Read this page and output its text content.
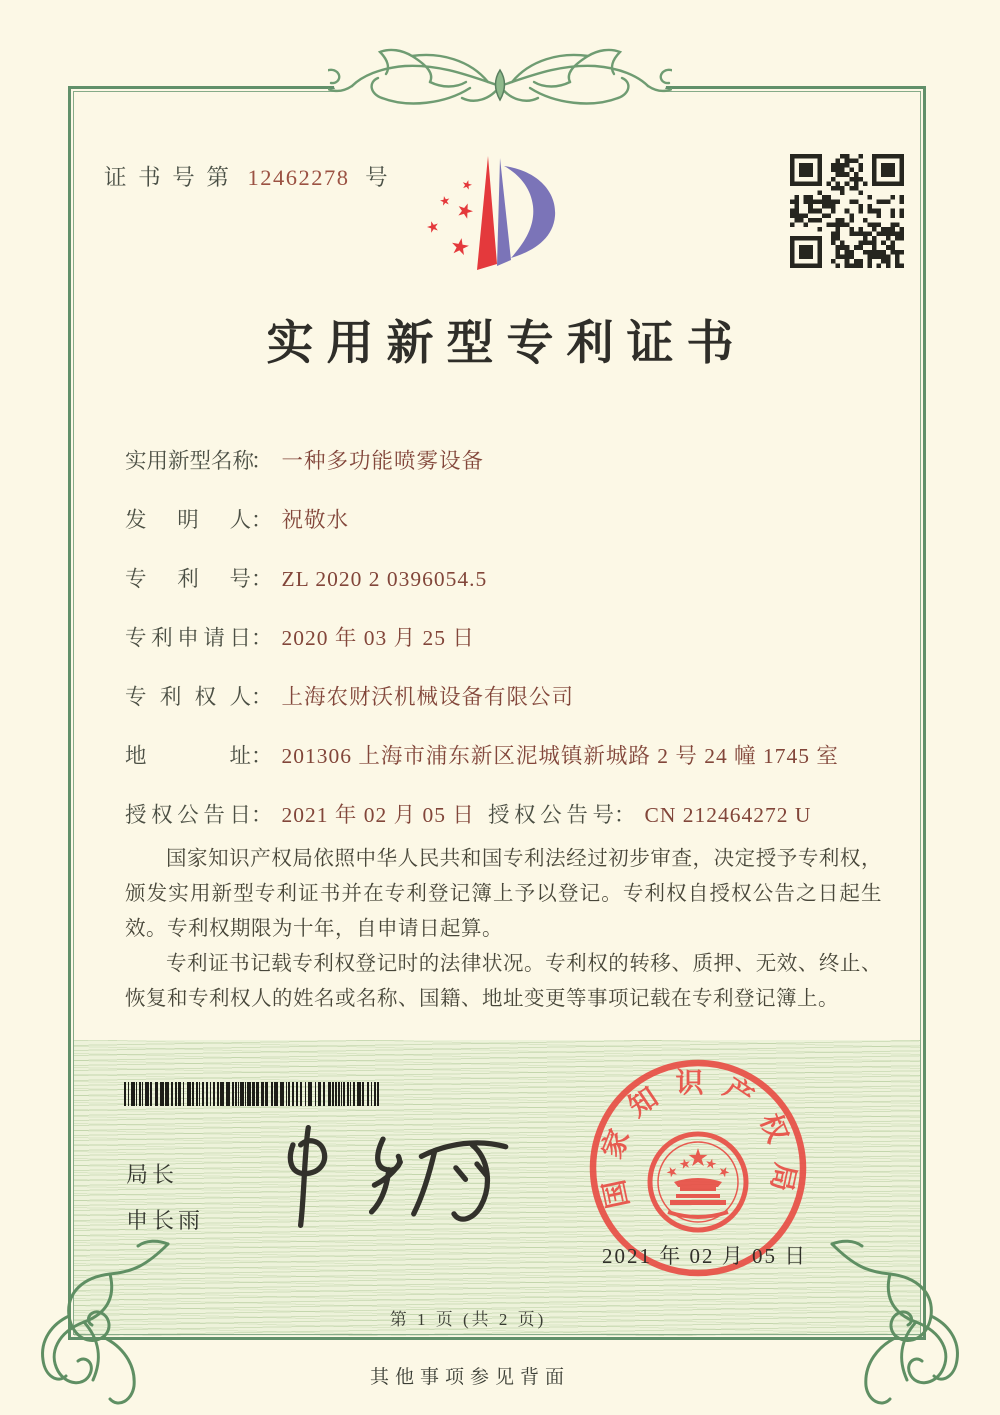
证 书 号 第 12462278 号
实用新型专利证书
实用新型名称： 一种多功能喷雾设备
发明人： 祝敬水
专利号： ZL 2020 2 0396054.5
专利申请日： 2020 年 03 月 25 日
专利权人： 上海农财沃机械设备有限公司
地址： 201306 上海市浦东新区泥城镇新城路 2 号 24 幢 1745 室
授权公告日： 2021 年 02 月 05 日 授权公告号： CN 212464272 U

国家知识产权局依照中华人民共和国专利法经过初步审查，决定授予专利权，颁发实用新型专利证书并在专利登记簿上予以登记。专利权自授权公告之日起生效。专利权期限为十年，自申请日起算。

专利证书记载专利权登记时的法律状况。专利权的转移、质押、无效、终止、恢复和专利权人的姓名或名称、国籍、地址变更等事项记载在专利登记簿上。

局长
申长雨
国家知识产权局
2021 年 02 月 05 日
第 1 页 (共 2 页)
其他事项参见背面
